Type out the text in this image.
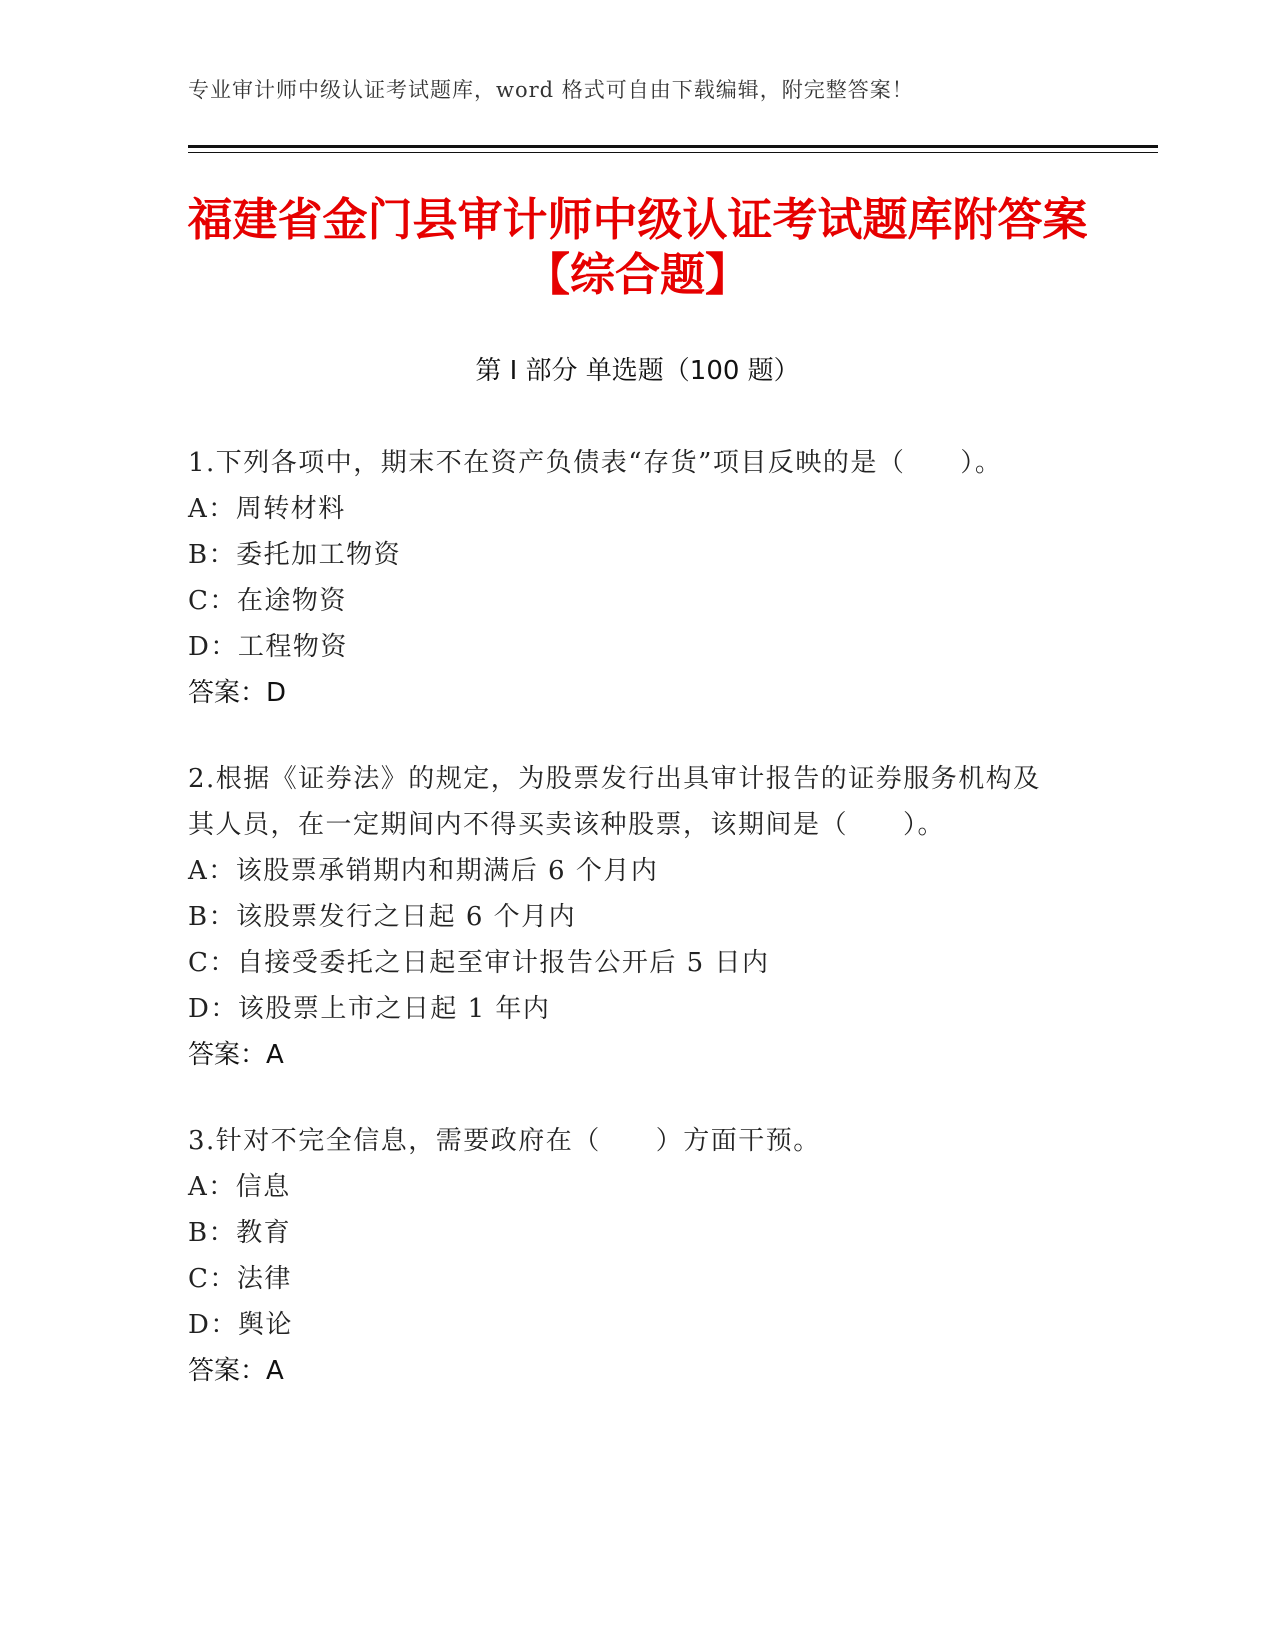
专业审计师中级认证考试题库，word 格式可自由下载编辑，附完整答案！
福建省金门县审计师中级认证考试题库附答案【综合题】
第 I 部分 单选题（100 题）
1.下列各项中，期末不在资产负债表“存货”项目反映的是（　　）。
A：周转材料
B：委托加工物资
C：在途物资
D：工程物资
答案：D
2.根据《证券法》的规定，为股票发行出具审计报告的证券服务机构及其人员，在一定期间内不得买卖该种股票，该期间是（　　）。
A：该股票承销期内和期满后 6 个月内
B：该股票发行之日起 6 个月内
C：自接受委托之日起至审计报告公开后 5 日内
D：该股票上市之日起 1 年内
答案：A
3.针对不完全信息，需要政府在（　　）方面干预。
A：信息
B：教育
C：法律
D：舆论
答案：A
